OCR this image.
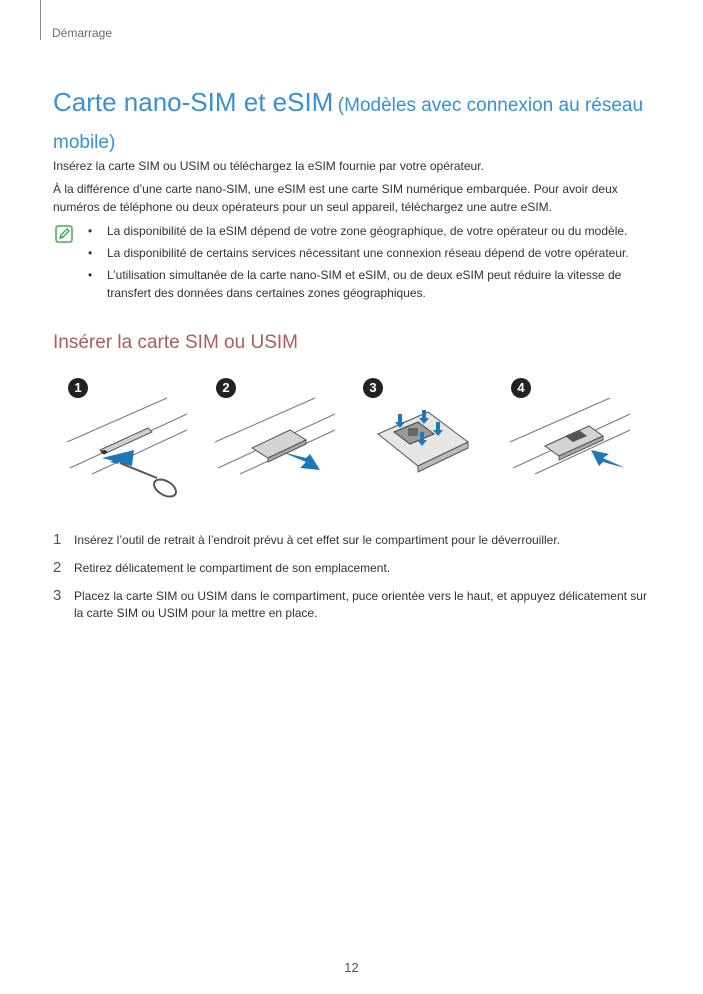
Démarrage
Carte nano-SIM et eSIM (Modèles avec connexion au réseau mobile)
Insérez la carte SIM ou USIM ou téléchargez la eSIM fournie par votre opérateur.
À la différence d’une carte nano-SIM, une eSIM est une carte SIM numérique embarquée. Pour avoir deux numéros de téléphone ou deux opérateurs pour un seul appareil, téléchargez une autre eSIM.
• La disponibilité de la eSIM dépend de votre zone géographique, de votre opérateur ou du modèle.
• La disponibilité de certains services nécessitant une connexion réseau dépend de votre opérateur.
• L’utilisation simultanée de la carte nano-SIM et eSIM, ou de deux eSIM peut réduire la vitesse de transfert des données dans certaines zones géographiques.
Insérer la carte SIM ou USIM
1	2	3	4
1 Insérez l’outil de retrait à l’endroit prévu à cet effet sur le compartiment pour le déverrouiller.
2 Retirez délicatement le compartiment de son emplacement.
3 Placez la carte SIM ou USIM dans le compartiment, puce orientée vers le haut, et appuyez délicatement sur la carte SIM ou USIM pour la mettre en place.
12
